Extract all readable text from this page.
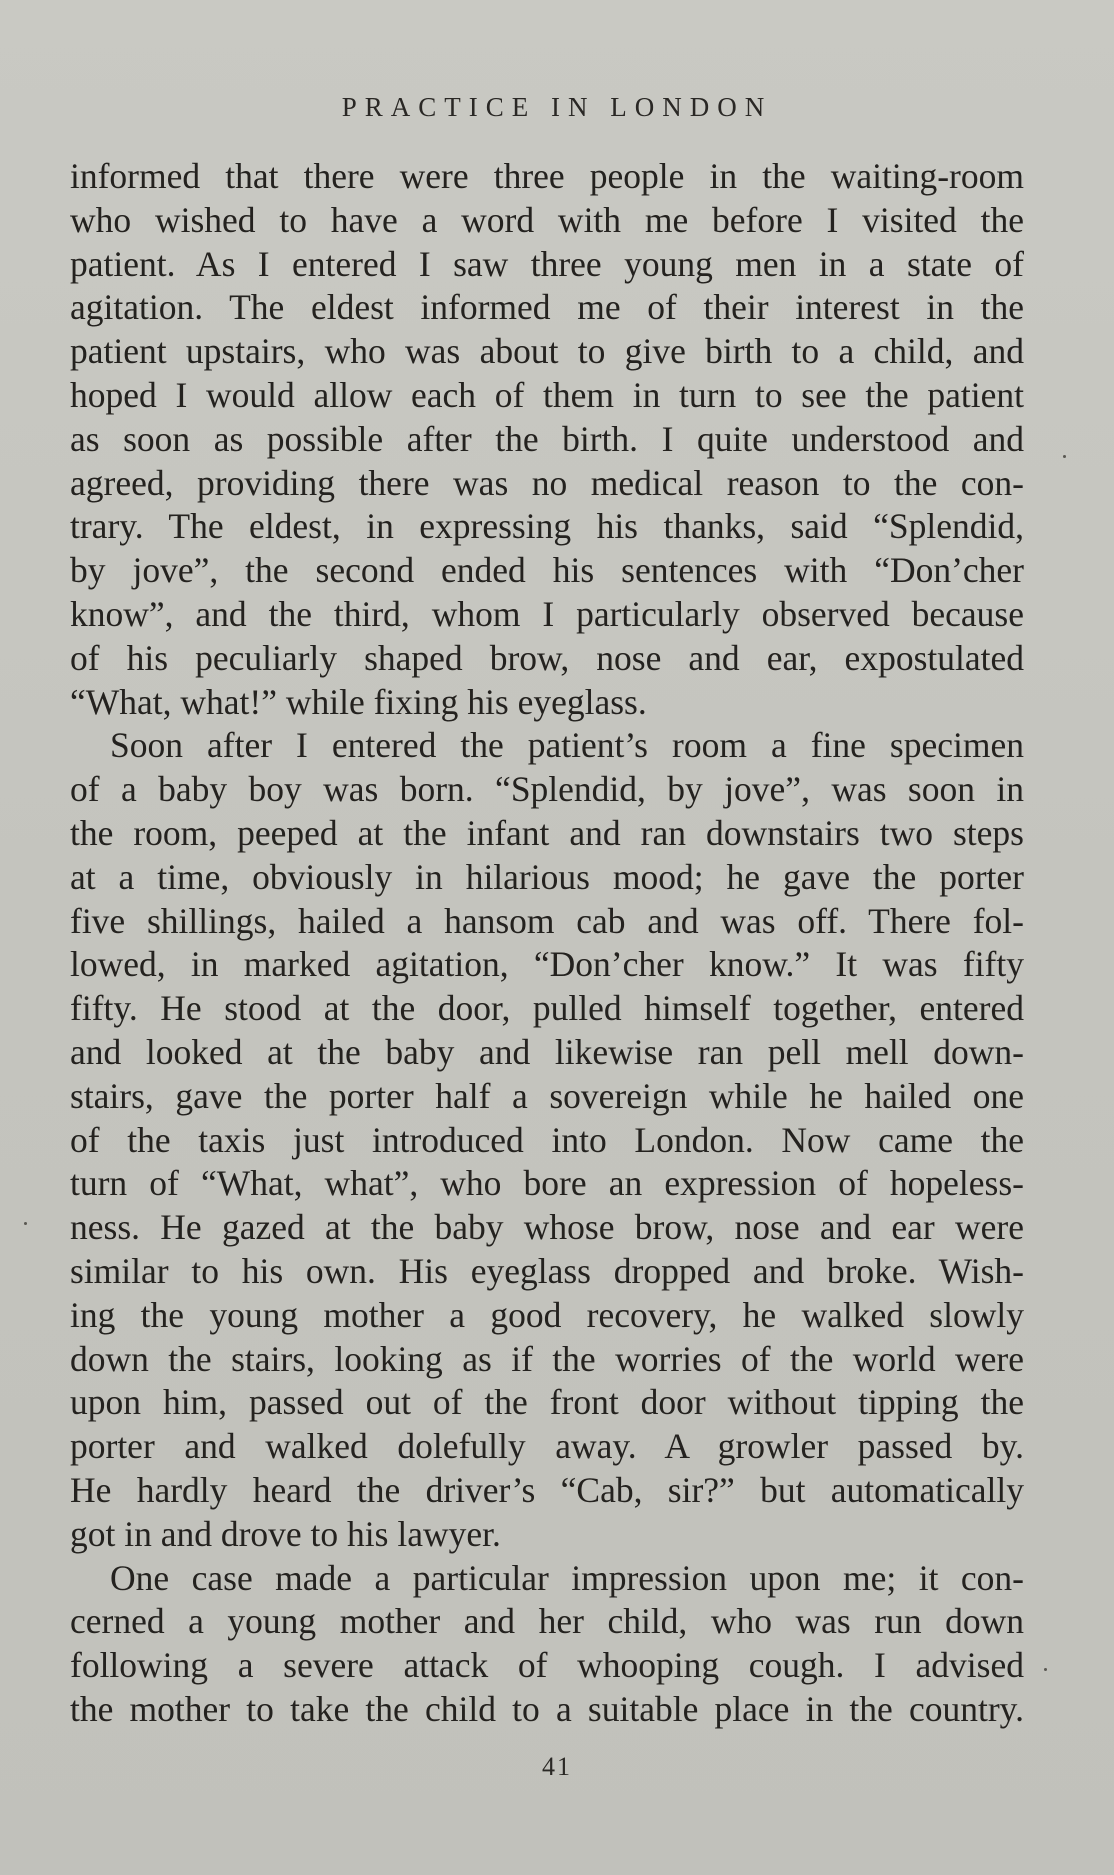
PRACTICE IN LONDON
informed that there were three people in the waiting-room
who wished to have a word with me before I visited the
patient. As I entered I saw three young men in a state of
agitation. The eldest informed me of their interest in the
patient upstairs, who was about to give birth to a child, and
hoped I would allow each of them in turn to see the patient
as soon as possible after the birth. I quite understood and
agreed, providing there was no medical reason to the con-
trary. The eldest, in expressing his thanks, said “Splendid,
by jove”, the second ended his sentences with “Don’cher
know”, and the third, whom I particularly observed because
of his peculiarly shaped brow, nose and ear, expostulated
“What, what!” while fixing his eyeglass.
Soon after I entered the patient’s room a fine specimen
of a baby boy was born. “Splendid, by jove”, was soon in
the room, peeped at the infant and ran downstairs two steps
at a time, obviously in hilarious mood; he gave the porter
five shillings, hailed a hansom cab and was off. There fol-
lowed, in marked agitation, “Don’cher know.” It was fifty
fifty. He stood at the door, pulled himself together, entered
and looked at the baby and likewise ran pell mell down-
stairs, gave the porter half a sovereign while he hailed one
of the taxis just introduced into London. Now came the
turn of “What, what”, who bore an expression of hopeless-
ness. He gazed at the baby whose brow, nose and ear were
similar to his own. His eyeglass dropped and broke. Wish-
ing the young mother a good recovery, he walked slowly
down the stairs, looking as if the worries of the world were
upon him, passed out of the front door without tipping the
porter and walked dolefully away. A growler passed by.
He hardly heard the driver’s “Cab, sir?” but automatically
got in and drove to his lawyer.
One case made a particular impression upon me; it con-
cerned a young mother and her child, who was run down
following a severe attack of whooping cough. I advised
the mother to take the child to a suitable place in the country.
41
